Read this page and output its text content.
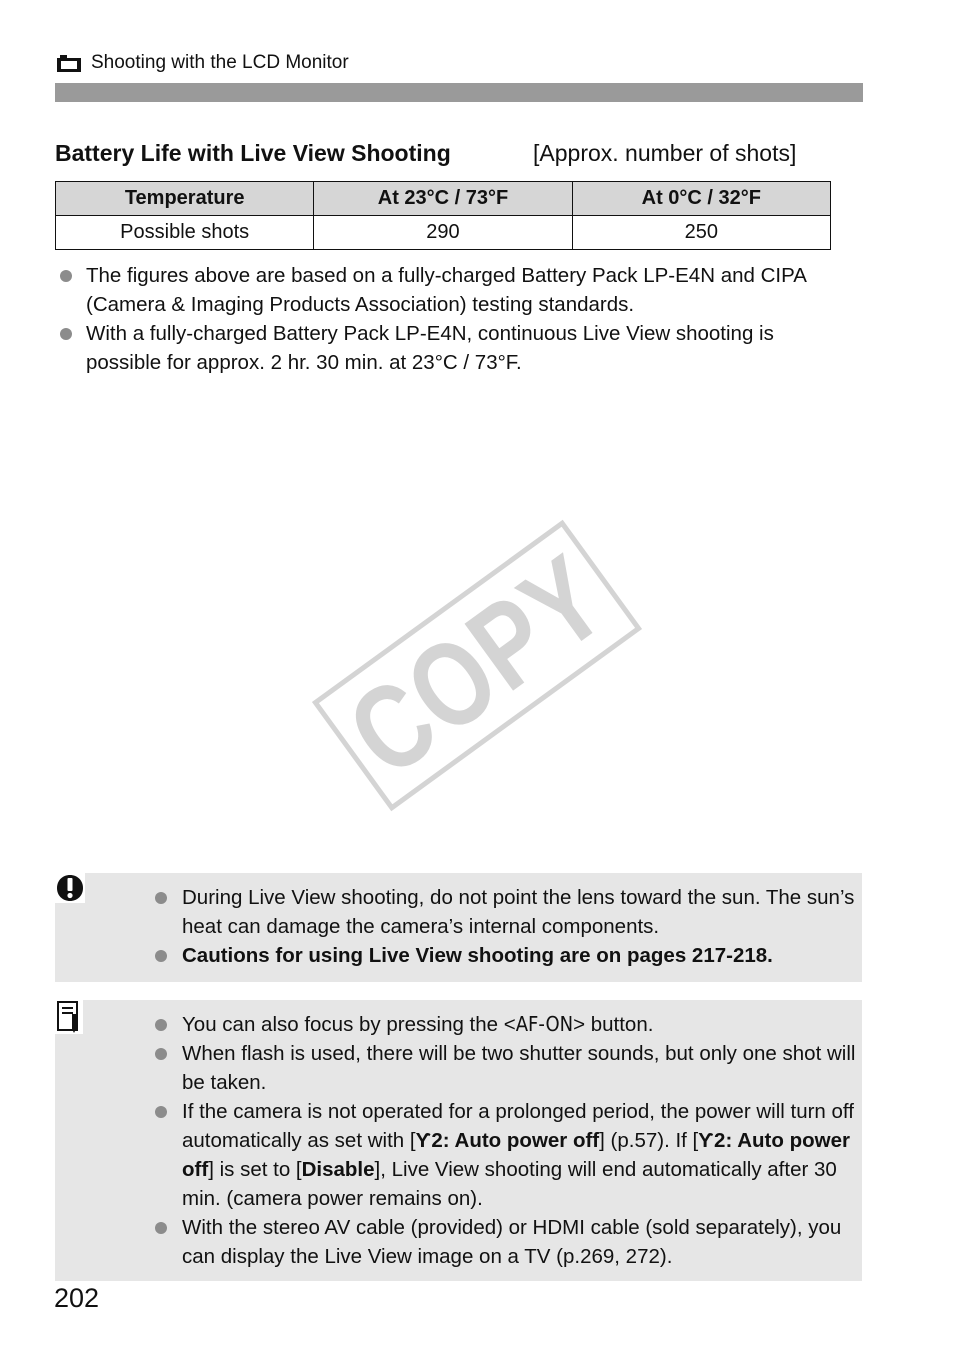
Shooting with the LCD Monitor
Battery Life with Live View Shooting	[Approx. number of shots]
Temperature	At 23°C / 73°F	At 0°C / 32°F
Possible shots	290	250
The figures above are based on a fully-charged Battery Pack LP-E4N and CIPA (Camera & Imaging Products Association) testing standards.
With a fully-charged Battery Pack LP-E4N, continuous Live View shooting is possible for approx. 2 hr. 30 min. at 23°C / 73°F.
COPY
During Live View shooting, do not point the lens toward the sun. The sun’s heat can damage the camera’s internal components.
Cautions for using Live View shooting are on pages 217-218.
You can also focus by pressing the <AF-ON> button.
When flash is used, there will be two shutter sounds, but only one shot will be taken.
If the camera is not operated for a prolonged period, the power will turn off automatically as set with [Ƴ2: Auto power off] (p.57). If [Ƴ2: Auto power off] is set to [Disable], Live View shooting will end automatically after 30 min. (camera power remains on).
With the stereo AV cable (provided) or HDMI cable (sold separately), you can display the Live View image on a TV (p.269, 272).
202
